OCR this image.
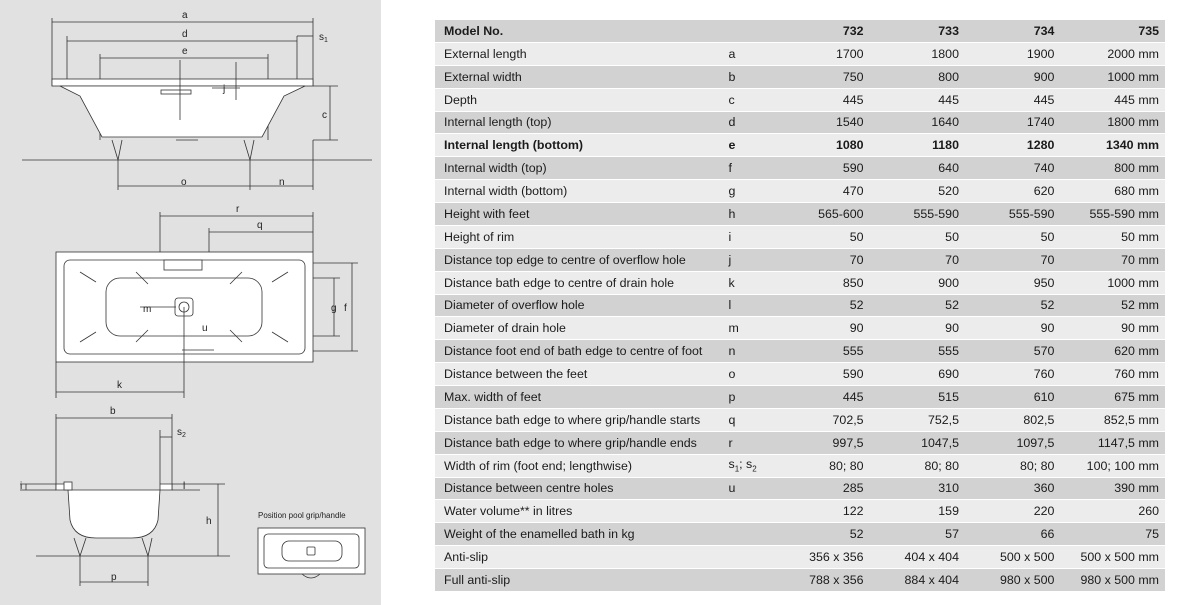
a
d
e
$s_1$
j
c
o	n
r
q
g f
m
u
k
b
$s_2$
i	l
h
p
Position pool grip/handle
Model No.		732	733	734	735
External length	a	1700	1800	1900	2000 mm
External width	b	750	800	900	1000 mm
Depth	c	445	445	445	445 mm
Internal length (top)	d	1540	1640	1740	1800 mm
Internal length (bottom)	e	1080	1180	1280	1340 mm
Internal width (top)	f	590	640	740	800 mm
Internal width (bottom)	g	470	520	620	680 mm
Height with feet	h	565-600	555-590	555-590	555-590 mm
Height of rim	i	50	50	50	50 mm
Distance top edge to centre of overflow hole	j	70	70	70	70 mm
Distance bath edge to centre of drain hole	k	850	900	950	1000 mm
Diameter of overflow hole	l	52	52	52	52 mm
Diameter of drain hole	m	90	90	90	90 mm
Distance foot end of bath edge to centre of foot	n	555	555	570	620 mm
Distance between the feet	o	590	690	760	760 mm
Max. width of feet	p	445	515	610	675 mm
Distance bath edge to where grip/handle starts	q	702,5	752,5	802,5	852,5 mm
Distance bath edge to where grip/handle ends	r	997,5	1047,5	1097,5	1147,5 mm
Width of rim (foot end; lengthwise)	$s_1$; $s_2$	80; 80	80; 80	80; 80	100; 100 mm
Distance between centre holes	u	285	310	360	390 mm
Water volume** in litres		122	159	220	260
Weight of the enamelled bath in kg		52	57	66	75
Anti-slip		356 x 356	404 x 404	500 x 500	500 x 500 mm
Full anti-slip		788 x 356	884 x 404	980 x 500	980 x 500 mm
